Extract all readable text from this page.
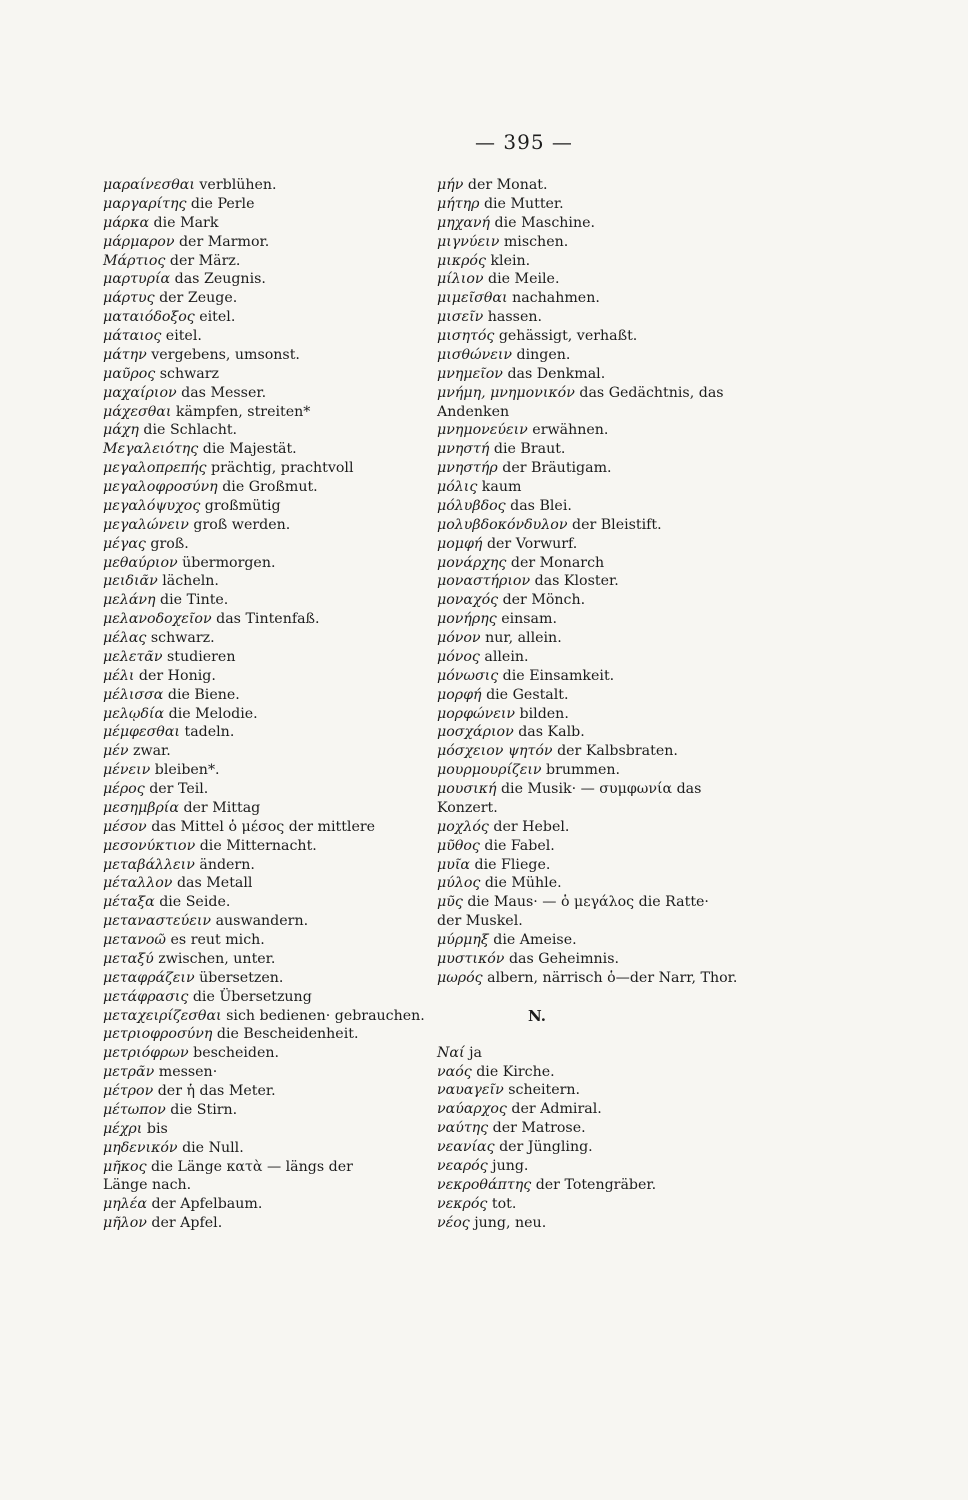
— 395 —
μαραίνεσθαι verblühen.
μαργαρίτης die Perle
μάρκα die Mark
μάρμαρον der Marmor.
Μάρτιος der März.
μαρτυρία das Zeugnis.
μάρτυς der Zeuge.
ματαιόδοξος eitel.
μάταιος eitel.
μάτην vergebens, umsonst.
μαῦρος schwarz
μαχαίριον das Messer.
μάχεσθαι kämpfen, streiten*
μάχη die Schlacht.
Μεγαλειότης die Majestät.
μεγαλοπρεπής prächtig, prachtvoll
μεγαλοφροσύνη die Großmut.
μεγαλόψυχος großmütig
μεγαλώνειν groß werden.
μέγας groß.
μεθαύριον übermorgen.
μειδιᾶν lächeln.
μελάνη die Tinte.
μελανοδοχεῖον das Tintenfaß.
μέλας schwarz.
μελετᾶν studieren
μέλι der Honig.
μέλισσα die Biene.
μελῳδία die Melodie.
μέμφεσθαι tadeln.
μέν zwar.
μένειν bleiben*.
μέρος der Teil.
μεσημβρία der Mittag
μέσον das Mittel ὁ μέσος der mittlere
μεσονύκτιον die Mitternacht.
μεταβάλλειν ändern.
μέταλλον das Metall
μέταξα die Seide.
μεταναστεύειν auswandern.
μετανοῶ es reut mich.
μεταξύ zwischen, unter.
μεταφράζειν übersetzen.
μετάφρασις die Übersetzung
μεταχειρίζεσθαι sich bedienen· gebrauchen.
μετριοφροσύνη die Bescheidenheit.
μετριόφρων bescheiden.
μετρᾶν messen·
μέτρον der ἡ das Meter.
μέτωπον die Stirn.
μέχρι bis
μηδενικόν die Null.
μῆκος die Länge κατὰ — längs der
Länge nach.
μηλέα der Apfelbaum.
μῆλον der Apfel.
μήν der Monat.
μήτηρ die Mutter.
μηχανή die Maschine.
μιγνύειν mischen.
μικρός klein.
μίλιον die Meile.
μιμεῖσθαι nachahmen.
μισεῖν hassen.
μισητός gehässigt, verhaßt.
μισθώνειν dingen.
μνημεῖον das Denkmal.
μνήμη, μνημονικόν das Gedächtnis, das
Andenken
μνημονεύειν erwähnen.
μνηστή die Braut.
μνηστήρ der Bräutigam.
μόλις kaum
μόλυβδος das Blei.
μολυβδοκόνδυλον der Bleistift.
μομφή der Vorwurf.
μονάρχης der Monarch
μοναστήριον das Kloster.
μοναχός der Mönch.
μονήρης einsam.
μόνον nur, allein.
μόνος allein.
μόνωσις die Einsamkeit.
μορφή die Gestalt.
μορφώνειν bilden.
μοσχάριον das Kalb.
μόσχειον ψητόν der Kalbsbraten.
μουρμουρίζειν brummen.
μουσική die Musik· — συμφωνία das
Konzert.
μοχλός der Hebel.
μῦθος die Fabel.
μυῖα die Fliege.
μύλος die Mühle.
μῦς die Maus· — ὁ μεγάλος die Ratte·
der Muskel.
μύρμηξ die Ameise.
μυστικόν das Geheimnis.
μωρός albern, närrisch ὁ—der Narr, Thor.
N.
Ναί ja
ναός die Kirche.
ναυαγεῖν scheitern.
ναύαρχος der Admiral.
ναύτης der Matrose.
νεανίας der Jüngling.
νεαρός jung.
νεκροθάπτης der Totengräber.
νεκρός tot.
νέος jung, neu.
